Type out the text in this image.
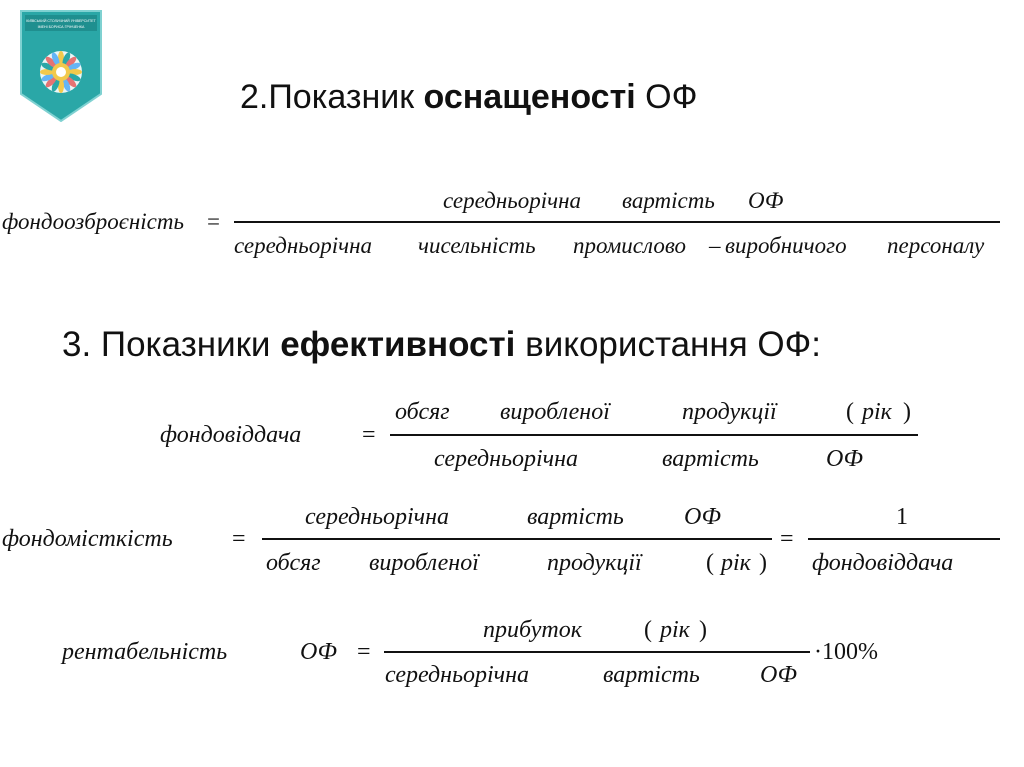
КИЇВСЬКИЙ СТОЛИЧНИЙ УНІВЕРСИТЕТ
ІМЕНІ БОРИСА ГРІНЧЕНКА
2.Показник оснащеності ОФ
фондоозброєність =
середньорічна вартість ОФ
середньорічна чисельність промислово – виробничого персоналу
3. Показники ефективності використання ОФ:
фондовіддача	=
обсяг виробленої	продукції	( рік )
середньорічна	вартість	ОФ
фондомісткість =
середньорічна	вартість	ОФ
обсяг виробленої	продукції	( рік )
=
1
фондовіддача
рентабельність	ОФ =
прибуток	( рік )
середньорічна	вартість	ОФ
·100%
